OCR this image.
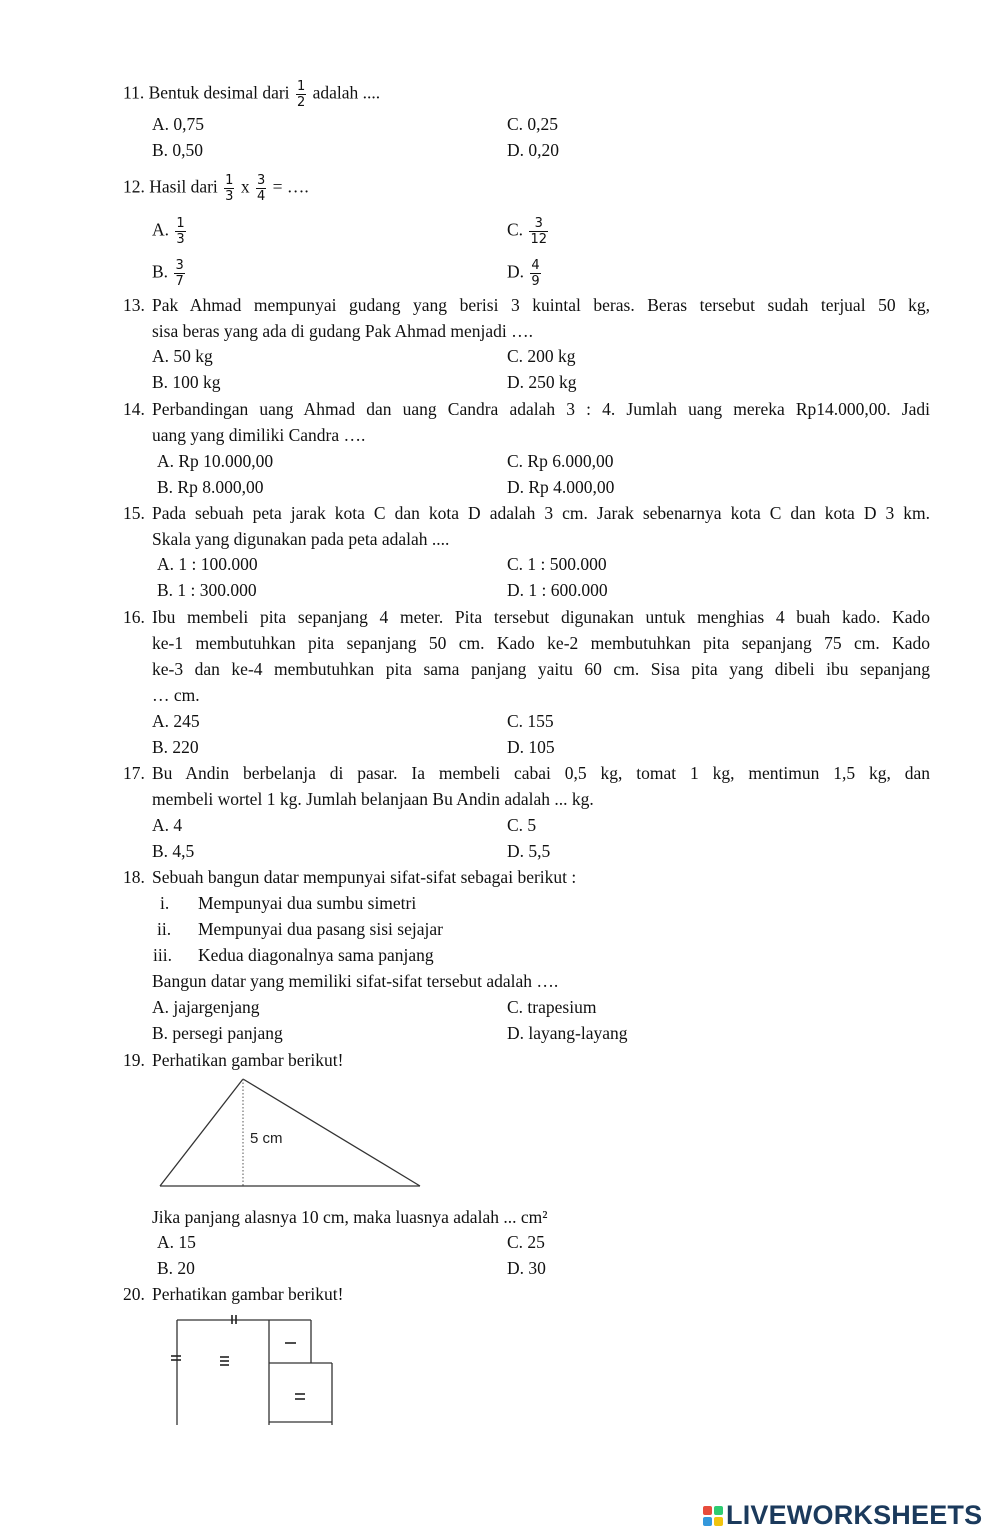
11. Bentuk desimal dari $\frac{1}{2}$ adalah ....
A. 0,75	C. 0,25
B. 0,50	D. 0,20
12. Hasil dari $\frac{1}{3}$ x $\frac{3}{4}$ = ….
A. $\frac{1}{3}$	C. $\frac{3}{12}$
B. $\frac{3}{7}$	D. $\frac{4}{9}$
13. Pak Ahmad mempunyai gudang yang berisi 3 kuintal beras. Beras tersebut sudah terjual 50 kg,
sisa beras yang ada di gudang Pak Ahmad menjadi ….
A. 50 kg	C. 200 kg
B. 100 kg	D. 250 kg
14. Perbandingan uang Ahmad dan uang Candra adalah 3 : 4. Jumlah uang mereka Rp14.000,00. Jadi
uang yang dimiliki Candra ….
A. Rp 10.000,00	C. Rp 6.000,00
B. Rp 8.000,00	D. Rp 4.000,00
15. Pada sebuah peta jarak kota C dan kota D adalah 3 cm. Jarak sebenarnya kota C dan kota D 3 km.
Skala yang digunakan pada peta adalah ....
A. 1 : 100.000	C. 1 : 500.000
B. 1 : 300.000	D. 1 : 600.000
16. Ibu membeli pita sepanjang 4 meter. Pita tersebut digunakan untuk menghias 4 buah kado. Kado
ke-1 membutuhkan pita sepanjang 50 cm. Kado ke-2 membutuhkan pita sepanjang 75 cm. Kado
ke-3 dan ke-4 membutuhkan pita sama panjang yaitu 60 cm. Sisa pita yang dibeli ibu sepanjang
… cm.
A. 245	C. 155
B. 220	D. 105
17. Bu Andin berbelanja di pasar. Ia membeli cabai 0,5 kg, tomat 1 kg, mentimun 1,5 kg, dan
membeli wortel 1 kg. Jumlah belanjaan Bu Andin adalah ... kg.
A. 4	C. 5
B. 4,5	D. 5,5
18. Sebuah bangun datar mempunyai sifat-sifat sebagai berikut :
i. Mempunyai dua sumbu simetri
ii. Mempunyai dua pasang sisi sejajar
iii. Kedua diagonalnya sama panjang
Bangun datar yang memiliki sifat-sifat tersebut adalah ….
A. jajargenjang	C. trapesium
B. persegi panjang	D. layang-layang
19. Perhatikan gambar berikut!
5 cm
Jika panjang alasnya 10 cm, maka luasnya adalah ... cm²
A. 15	C. 25
B. 20	D. 30
20. Perhatikan gambar berikut!
LIVEWORKSHEETS
